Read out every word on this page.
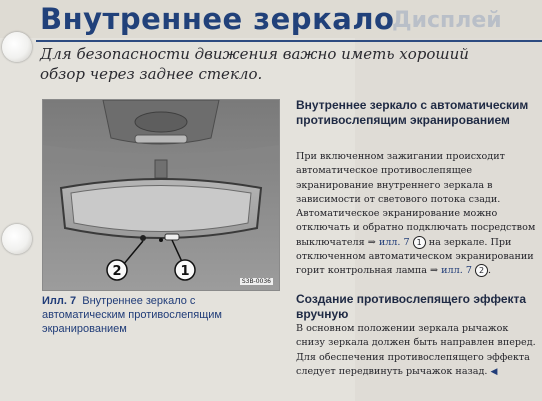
Внутреннее зеркало
Дисплей
Для безопасности движения важно иметь хороший обзор через заднее стекло.
2	1
S3B-0036
Илл. 7 Внутреннее зеркало с автоматическим противослепящим экранированием
Внутреннее зеркало с автоматическим противослепящим экранированием
При включенном зажигании происходит автоматическое противослепящее экранирование внутреннего зеркала в зависимости от светового потока сзади. Автоматическое экранирование можно отключать и обратно подключать посредством выключателя ⇒ илл. 7 1 на зеркале. При отключенном автоматическом экранировании горит контрольная лампа ⇒ илл. 7 2 .
Создание противослепящего эффекта вручную
В основном положении зеркала рычажок снизу зеркала должен быть направлен вперед. Для обеспечения противослепящего эффекта следует передвинуть рычажок назад. ◀
